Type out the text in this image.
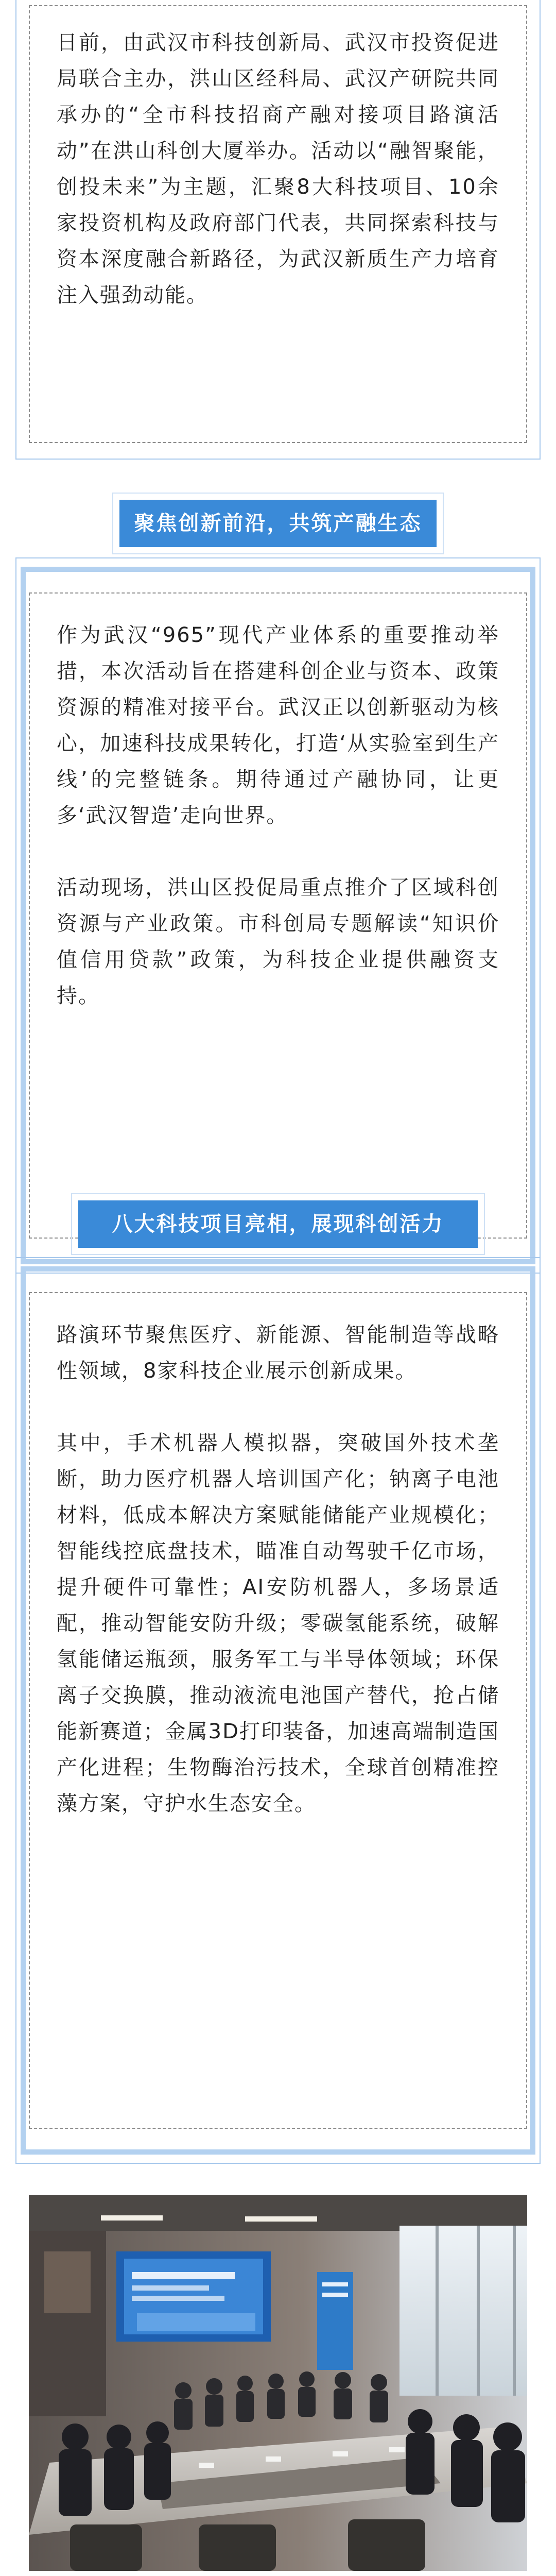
日前，由武汉市科技创新局、武汉市投资促进局联合主办，洪山区经科局、武汉产研院共同承办的“全市科技招商产融对接项目路演活动”在洪山科创大厦举办。活动以“融智聚能，创投未来”为主题，汇聚8大科技项目、10余家投资机构及政府部门代表，共同探索科技与资本深度融合新路径，为武汉新质生产力培育注入强劲动能。

聚焦创新前沿，共筑产融生态

作为武汉“965”现代产业体系的重要推动举措，本次活动旨在搭建科创企业与资本、政策资源的精准对接平台。武汉正以创新驱动为核心，加速科技成果转化，打造‘从实验室到生产线’的完整链条。期待通过产融协同，让更多‘武汉智造’走向世界。

活动现场，洪山区投促局重点推介了区域科创资源与产业政策。市科创局专题解读“知识价值信用贷款”政策，为科技企业提供融资支持。

八大科技项目亮相，展现科创活力

路演环节聚焦医疗、新能源、智能制造等战略性领域，8家科技企业展示创新成果。

其中，手术机器人模拟器，突破国外技术垄断，助力医疗机器人培训国产化；钠离子电池材料，低成本解决方案赋能储能产业规模化；智能线控底盘技术，瞄准自动驾驶千亿市场，提升硬件可靠性；AI安防机器人，多场景适配，推动智能安防升级；零碳氢能系统，破解氢能储运瓶颈，服务军工与半导体领域；环保离子交换膜，推动液流电池国产替代，抢占储能新赛道；金属3D打印装备，加速高端制造国产化进程；生物酶治污技术，全球首创精准控藻方案，守护水生态安全。
